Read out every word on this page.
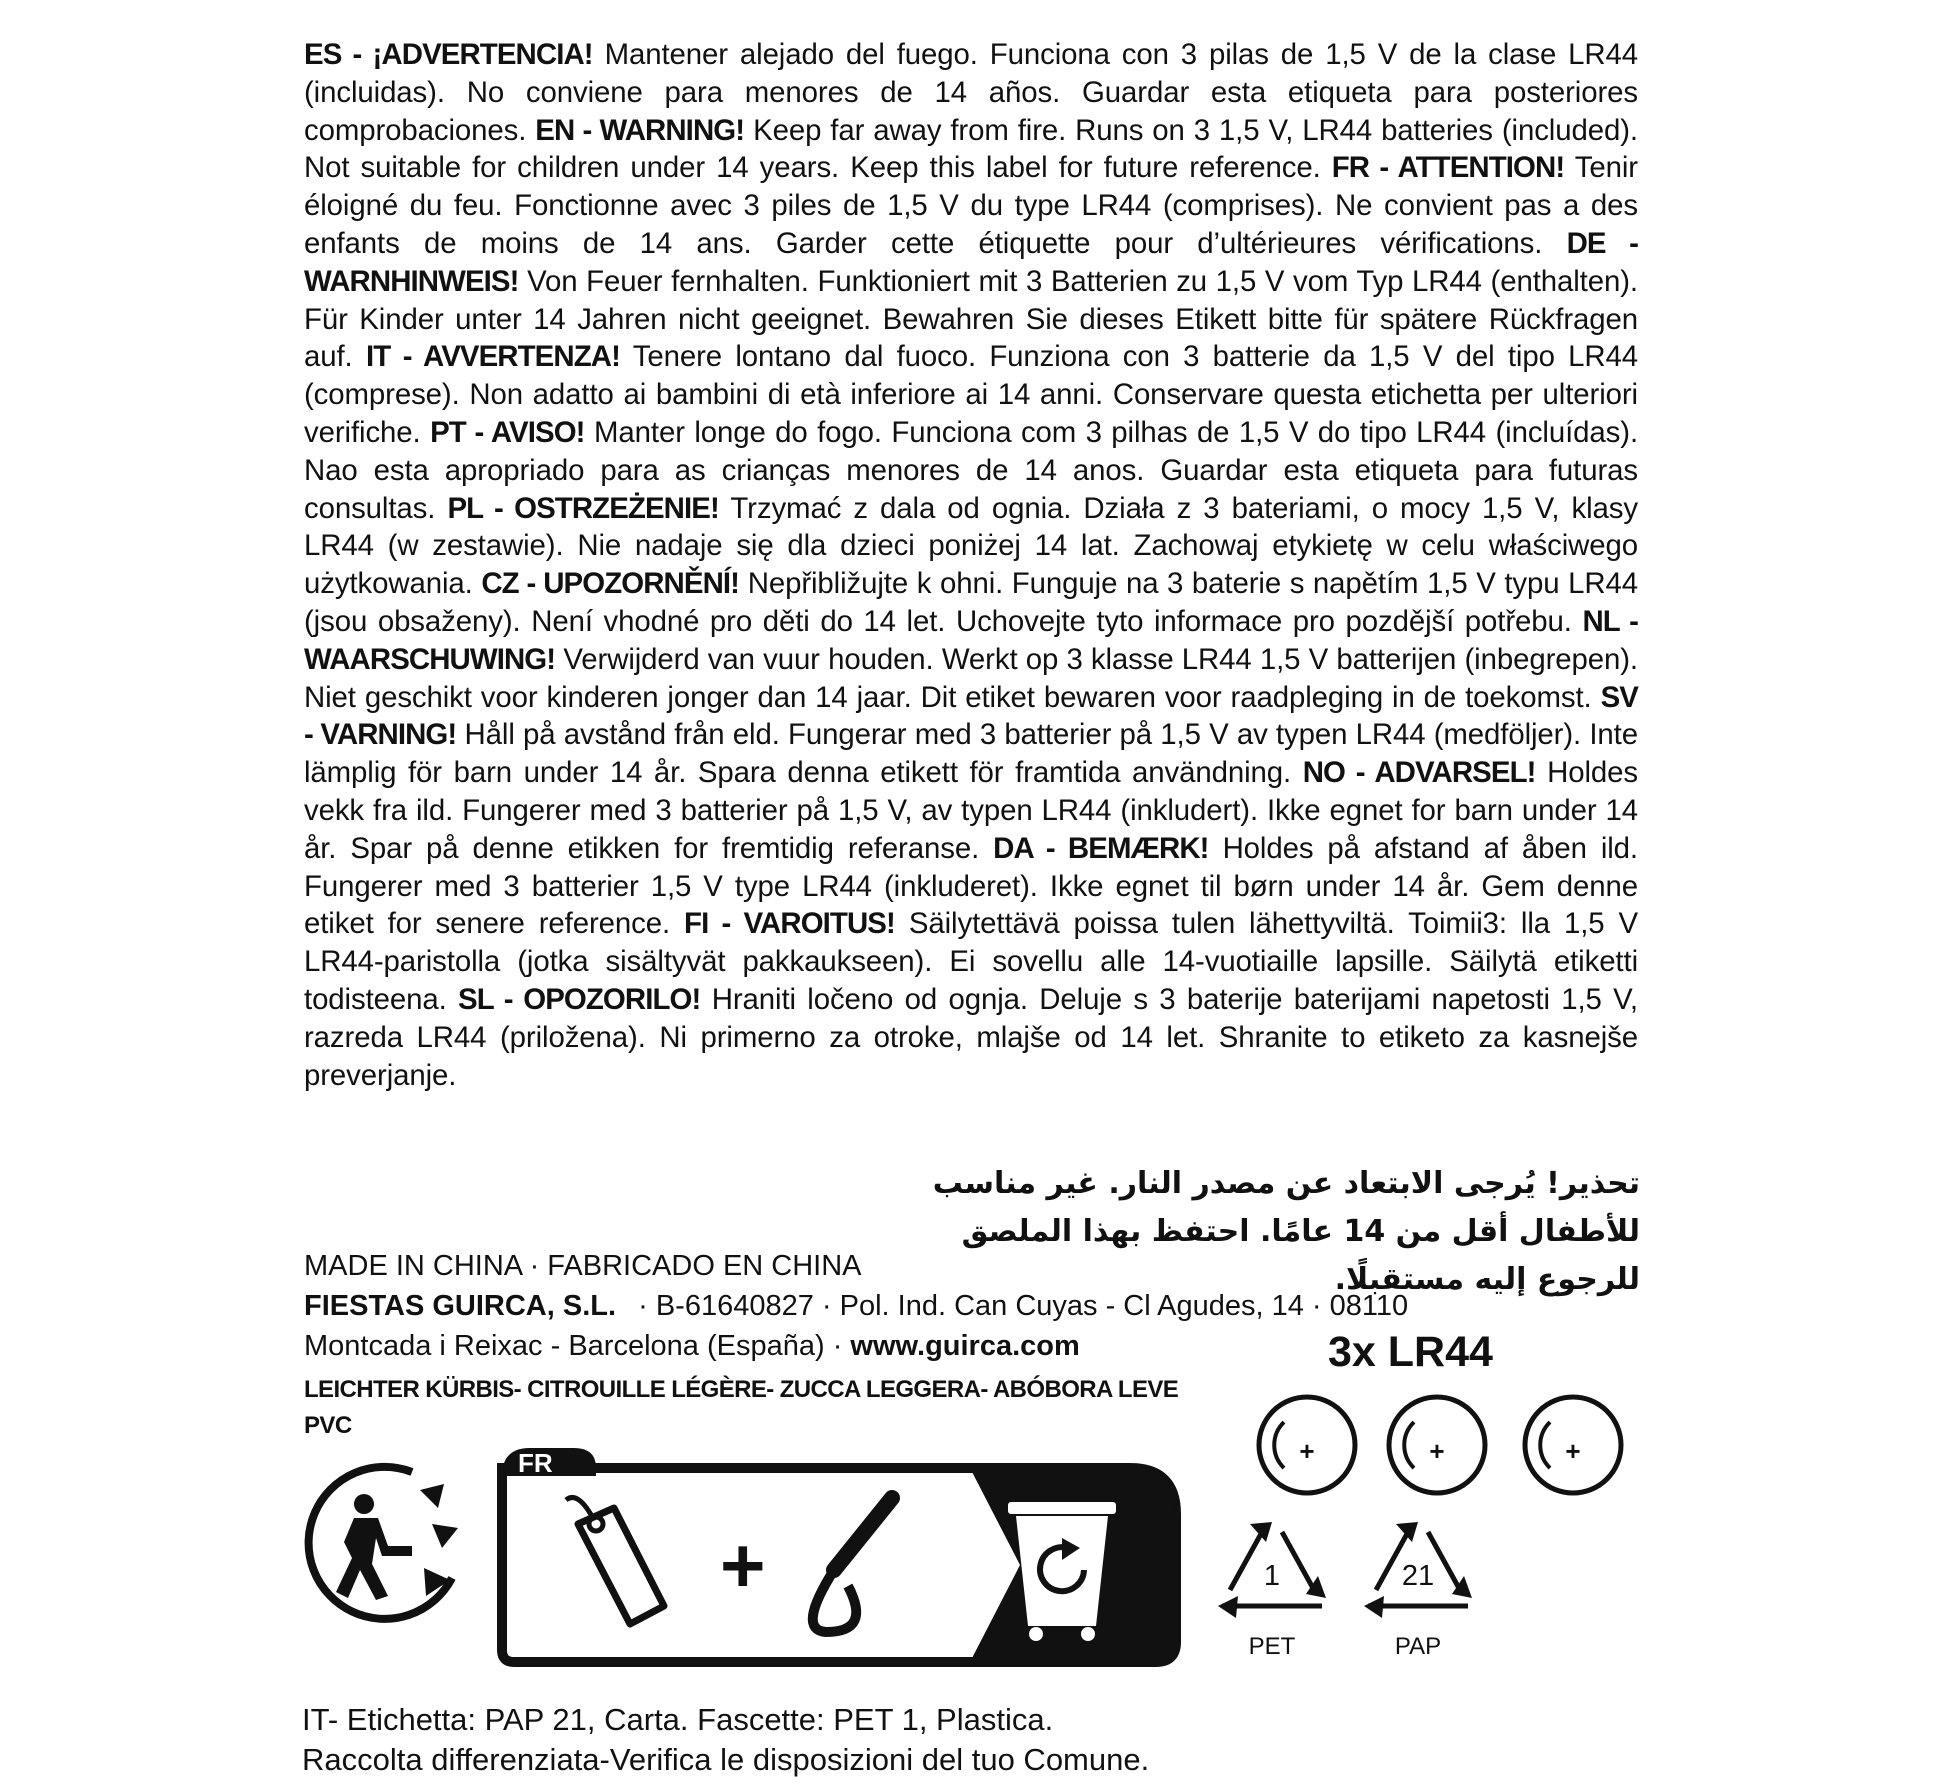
ES - ¡ADVERTENCIA! Mantener alejado del fuego. Funciona con 3 pilas de 1,5 V de la clase LR44 (incluidas). No conviene para menores de 14 años. Guardar esta etiqueta para posteriores comprobaciones. EN - WARNING! Keep far away from fire. Runs on 3 1,5 V, LR44 batteries (included). Not suitable for children under 14 years. Keep this label for future reference. FR - ATTENTION! Tenir éloigné du feu. Fonctionne avec 3 piles de 1,5 V du type LR44 (comprises). Ne convient pas a des enfants de moins de 14 ans. Garder cette étiquette pour d’ultérieures vérifications. DE - WARNHINWEIS! Von Feuer fernhalten. Funktioniert mit 3 Batterien zu 1,5 V vom Typ LR44 (enthalten). Für Kinder unter 14 Jahren nicht geeignet. Bewahren Sie dieses Etikett bitte für spätere Rückfragen auf. IT - AVVERTENZA! Tenere lontano dal fuoco. Funziona con 3 batterie da 1,5 V del tipo LR44 (comprese). Non adatto ai bambini di età inferiore ai 14 anni. Conservare questa etichetta per ulteriori verifiche. PT - AVISO! Manter longe do fogo. Funciona com 3 pilhas de 1,5 V do tipo LR44 (incluídas). Nao esta apropriado para as crianças menores de 14 anos. Guardar esta etiqueta para futuras consultas. PL - OSTRZEŻENIE! Trzymać z dala od ognia. Działa z 3 bateriami, o mocy 1,5 V, klasy LR44 (w zestawie). Nie nadaje się dla dzieci poniżej 14 lat. Zachowaj etykietę w celu właściwego użytkowania. CZ - UPOZORNĚNÍ! Nepřibližujte k ohni. Funguje na 3 baterie s napětím 1,5 V typu LR44 (jsou obsaženy). Není vhodné pro děti do 14 let. Uchovejte tyto informace pro pozdější potřebu. NL - WAARSCHUWING! Verwijderd van vuur houden. Werkt op 3 klasse LR44 1,5 V batterijen (inbegrepen). Niet geschikt voor kinderen jonger dan 14 jaar. Dit etiket bewaren voor raadpleging in de toekomst. SV - VARNING! Håll på avstånd från eld. Fungerar med 3 batterier på 1,5 V av typen LR44 (medföljer). Inte lämplig för barn under 14 år. Spara denna etikett för framtida användning. NO - ADVARSEL! Holdes vekk fra ild. Fungerer med 3 batterier på 1,5 V, av typen LR44 (inkludert). Ikke egnet for barn under 14 år. Spar på denne etikken for fremtidig referanse. DA - BEMÆRK! Holdes på afstand af åben ild. Fungerer med 3 batterier 1,5 V type LR44 (inkluderet). Ikke egnet til børn under 14 år. Gem denne etiket for senere reference. FI - VAROITUS! Säilytettävä poissa tulen lähettyviltä. Toimii3: lla 1,5 V LR44-paristolla (jotka sisältyvät pakkaukseen). Ei sovellu alle 14-vuotiaille lapsille. Säilytä etiketti todisteena. SL - OPOZORILO! Hraniti ločeno od ognja. Deluje s 3 baterije baterijami napetosti 1,5 V, razreda LR44 (priložena). Ni primerno za otroke, mlajše od 14 let. Shranite to etiketo za kasnejše preverjanje.

تحذير! يُرجى الابتعاد عن مصدر النار. غير مناسب للأطفال أقل من 14 عامًا. احتفظ بهذا الملصق للرجوع إليه مستقبلًا.

MADE IN CHINA · FABRICADO EN CHINA
FIESTAS GUIRCA, S.L. · B-61640827 · Pol. Ind. Can Cuyas - Cl Agudes, 14 · 08110
Montcada i Reixac - Barcelona (España) · www.guirca.com
LEICHTER KÜRBIS- CITROUILLE LÉGÈRE- ZUCCA LEGGERA- ABÓBORA LEVE
PVC
3x LR44
+	+	+
1
PET
21
PAP
FR
+
IT- Etichetta: PAP 21, Carta. Fascette: PET 1, Plastica.
Raccolta differenziata-Verifica le disposizioni del tuo Comune.
